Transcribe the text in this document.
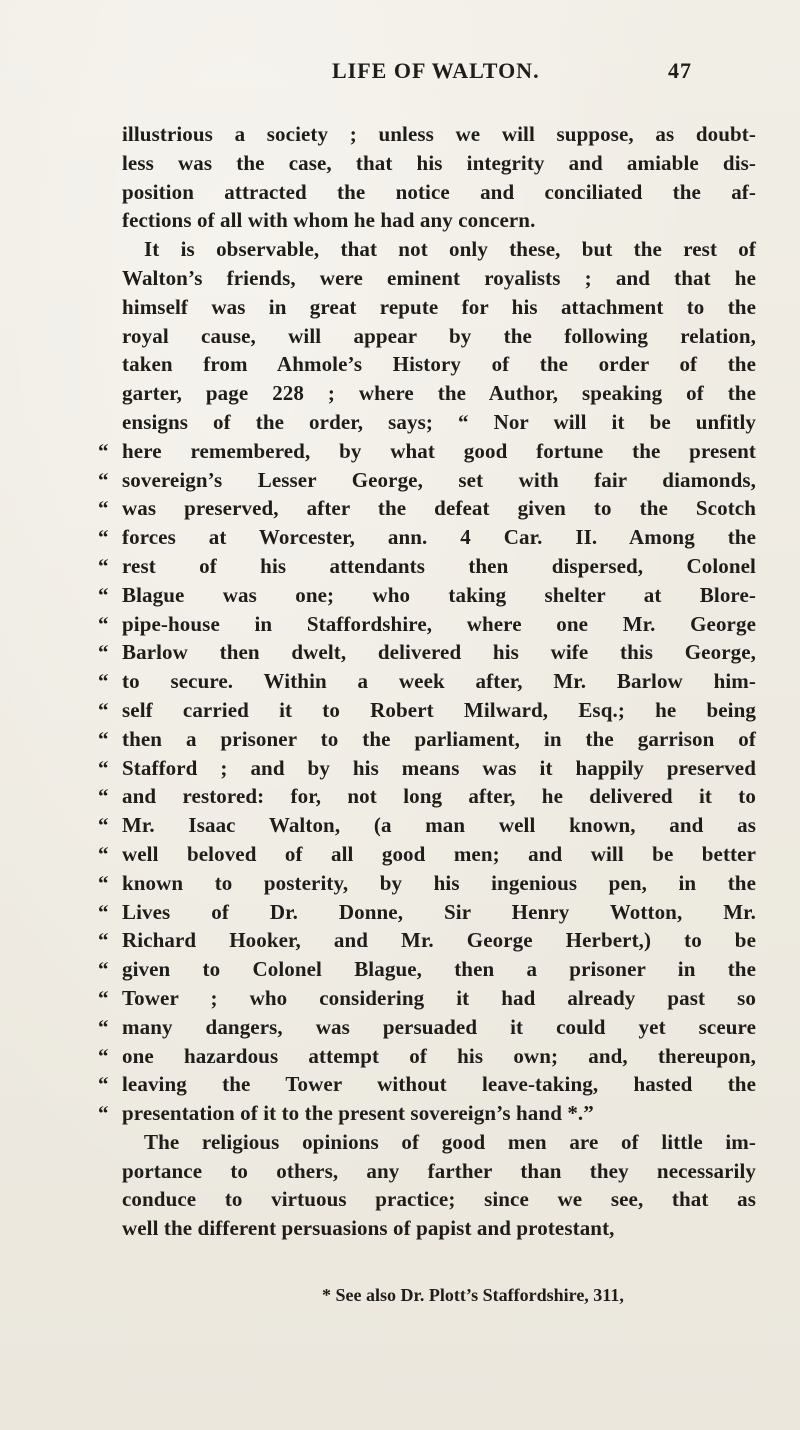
LIFE OF WALTON.	47
illustrious a society ; unless we will suppose, as doubt-
less was the case, that his integrity and amiable dis-
position attracted the notice and conciliated the af-
fections of all with whom he had any concern.
It is observable, that not only these, but the rest of
Walton’s friends, were eminent royalists ; and that he
himself was in great repute for his attachment to the
royal cause, will appear by the following relation,
taken from Ahmole’s History of the order of the
garter, page 228 ; where the Author, speaking of the
ensigns of the order, says; “ Nor will it be unfitly
“ here remembered, by what good fortune the present
“ sovereign’s Lesser George, set with fair diamonds,
“ was preserved, after the defeat given to the Scotch
“ forces at Worcester, ann. 4 Car. II. Among the
“ rest of his attendants then dispersed, Colonel
“ Blague was one; who taking shelter at Blore-
“ pipe-house in Staffordshire, where one Mr. George
“ Barlow then dwelt, delivered his wife this George,
“ to secure. Within a week after, Mr. Barlow him-
“ self carried it to Robert Milward, Esq.; he being
“ then a prisoner to the parliament, in the garrison of
“ Stafford ; and by his means was it happily preserved
“ and restored: for, not long after, he delivered it to
“ Mr. Isaac Walton, (a man well known, and as
“ well beloved of all good men; and will be better
“ known to posterity, by his ingenious pen, in the
“ Lives of Dr. Donne, Sir Henry Wotton, Mr.
“ Richard Hooker, and Mr. George Herbert,) to be
“ given to Colonel Blague, then a prisoner in the
“ Tower ; who considering it had already past so
“ many dangers, was persuaded it could yet sceure
“ one hazardous attempt of his own; and, thereupon,
“ leaving the Tower without leave-taking, hasted the
“ presentation of it to the present sovereign’s hand *.”
The religious opinions of good men are of little im-
portance to others, any farther than they necessarily
conduce to virtuous practice; since we see, that as
well the different persuasions of papist and protestant,
* See also Dr. Plott’s Staffordshire, 311,
